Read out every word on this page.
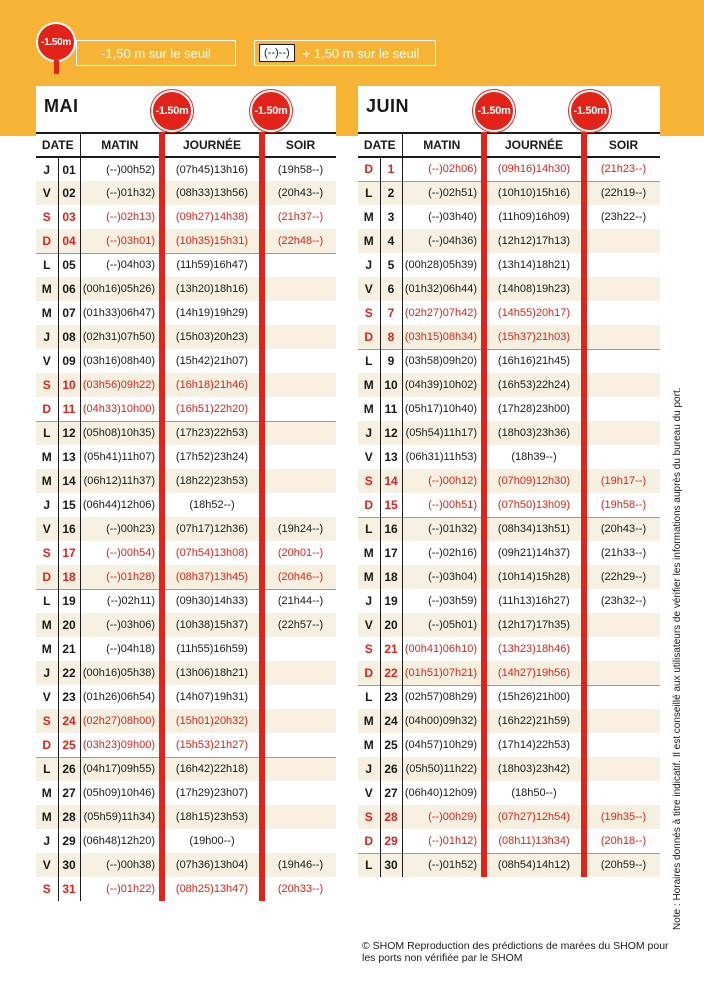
-1.50m
-1,50 m sur le seuil	(--)--)	+ 1,50 m sur le seuil
MAI	-1.50m	-1.50m
DATE		MATIN	JOURNÉE	SOIR
J	01	(--)00h52)	(07h45)13h16)	(19h58--)
V	02	(--)01h32)	(08h33)13h56)	(20h43--)
S	03	(--)02h13)	(09h27)14h38)	(21h37--)
D	04	(--)03h01)	(10h35)15h31)	(22h48--)
L	05	(--)04h03)	(11h59)16h47)	
M	06	(00h16)05h26)	(13h20)18h16)	
M	07	(01h33)06h47)	(14h19)19h29)	
J	08	(02h31)07h50)	(15h03)20h23)	
V	09	(03h16)08h40)	(15h42)21h07)	
S	10	(03h56)09h22)	(16h18)21h46)	
D	11	(04h33)10h00)	(16h51)22h20)	
L	12	(05h08)10h35)	(17h23)22h53)	
M	13	(05h41)11h07)	(17h52)23h24)	
M	14	(06h12)11h37)	(18h22)23h53)	
J	15	(06h44)12h06)	(18h52--)	
V	16	(--)00h23)	(07h17)12h36)	(19h24--)
S	17	(--)00h54)	(07h54)13h08)	(20h01--)
D	18	(--)01h28)	(08h37)13h45)	(20h46--)
L	19	(--)02h11)	(09h30)14h33)	(21h44--)
M	20	(--)03h06)	(10h38)15h37)	(22h57--)
M	21	(--)04h18)	(11h55)16h59)	
J	22	(00h16)05h38)	(13h06)18h21)	
V	23	(01h26)06h54)	(14h07)19h31)	
S	24	(02h27)08h00)	(15h01)20h32)	
D	25	(03h23)09h00)	(15h53)21h27)	
L	26	(04h17)09h55)	(16h42)22h18)	
M	27	(05h09)10h46)	(17h29)23h07)	
M	28	(05h59)11h34)	(18h15)23h53)	
J	29	(06h48)12h20)	(19h00--)	
V	30	(--)00h38)	(07h36)13h04)	(19h46--)
S	31	(--)01h22)	(08h25)13h47)	(20h33--)
JUIN	-1.50m	-1.50m
DATE		MATIN	JOURNÉE	SOIR
D	1	(--)02h06)	(09h16)14h30)	(21h23--)
L	2	(--)02h51)	(10h10)15h16)	(22h19--)
M	3	(--)03h40)	(11h09)16h09)	(23h22--)
M	4	(--)04h36)	(12h12)17h13)	
J	5	(00h28)05h39)	(13h14)18h21)	
V	6	(01h32)06h44)	(14h08)19h23)	
S	7	(02h27)07h42)	(14h55)20h17)	
D	8	(03h15)08h34)	(15h37)21h03)	
L	9	(03h58)09h20)	(16h16)21h45)	
M	10	(04h39)10h02)	(16h53)22h24)	
M	11	(05h17)10h40)	(17h28)23h00)	
J	12	(05h54)11h17)	(18h03)23h36)	
V	13	(06h31)11h53)	(18h39--)	
S	14	(--)00h12)	(07h09)12h30)	(19h17--)
D	15	(--)00h51)	(07h50)13h09)	(19h58--)
L	16	(--)01h32)	(08h34)13h51)	(20h43--)
M	17	(--)02h16)	(09h21)14h37)	(21h33--)
M	18	(--)03h04)	(10h14)15h28)	(22h29--)
J	19	(--)03h59)	(11h13)16h27)	(23h32--)
V	20	(--)05h01)	(12h17)17h35)	
S	21	(00h41)06h10)	(13h23)18h46)	
D	22	(01h51)07h21)	(14h27)19h56)	
L	23	(02h57)08h29)	(15h26)21h00)	
M	24	(04h00)09h32)	(16h22)21h59)	
M	25	(04h57)10h29)	(17h14)22h53)	
J	26	(05h50)11h22)	(18h03)23h42)	
V	27	(06h40)12h09)	(18h50--)	
S	28	(--)00h29)	(07h27)12h54)	(19h35--)
D	29	(--)01h12)	(08h11)13h34)	(20h18--)
L	30	(--)01h52)	(08h54)14h12)	(20h59--)	Note : Horaires donnés à titre indicatif. Il est conseillé aux utilisateurs de vérifier les informations auprès du bureau du port.
© SHOM Reproduction des prédictions de marées du SHOM pour les ports non vérifiée par le SHOM
